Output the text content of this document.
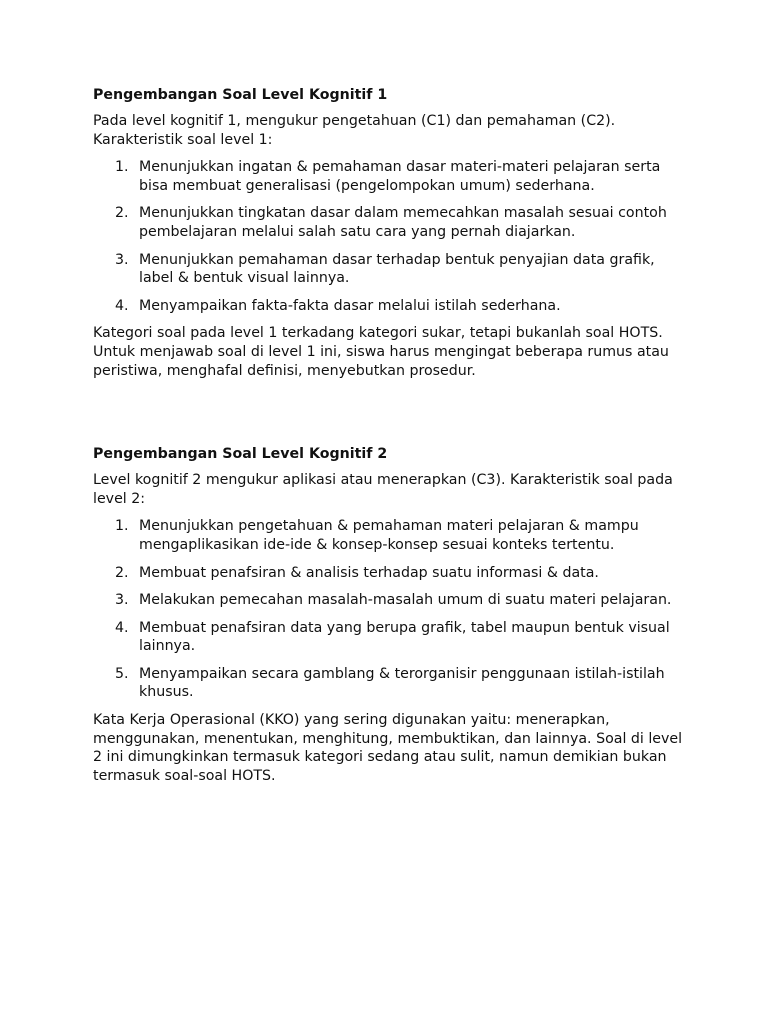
Pengembangan Soal Level Kognitif 1
Pada level kognitif 1, mengukur pengetahuan (C1) dan pemahaman (C2). Karakteristik soal level 1:
1. Menunjukkan ingatan & pemahaman dasar materi-materi pelajaran serta bisa membuat generalisasi (pengelompokan umum) sederhana.
2. Menunjukkan tingkatan dasar dalam memecahkan masalah sesuai contoh pembelajaran melalui salah satu cara yang pernah diajarkan.
3. Menunjukkan pemahaman dasar terhadap bentuk penyajian data grafik, label & bentuk visual lainnya.
4. Menyampaikan fakta-fakta dasar melalui istilah sederhana.
Kategori soal pada level 1 terkadang kategori sukar, tetapi bukanlah soal HOTS. Untuk menjawab soal di level 1 ini, siswa harus mengingat beberapa rumus atau peristiwa, menghafal definisi, menyebutkan prosedur.
Pengembangan Soal Level Kognitif 2
Level kognitif 2 mengukur aplikasi atau menerapkan (C3). Karakteristik soal pada level 2:
1. Menunjukkan pengetahuan & pemahaman materi pelajaran & mampu mengaplikasikan ide-ide & konsep-konsep sesuai konteks tertentu.
2. Membuat penafsiran & analisis terhadap suatu informasi & data.
3. Melakukan pemecahan masalah-masalah umum di suatu materi pelajaran.
4. Membuat penafsiran data yang berupa grafik, tabel maupun bentuk visual lainnya.
5. Menyampaikan secara gamblang & terorganisir penggunaan istilah-istilah khusus.
Kata Kerja Operasional (KKO) yang sering digunakan yaitu: menerapkan, menggunakan, menentukan, menghitung, membuktikan, dan lainnya. Soal di level 2 ini dimungkinkan termasuk kategori sedang atau sulit, namun demikian bukan termasuk soal-soal HOTS.
